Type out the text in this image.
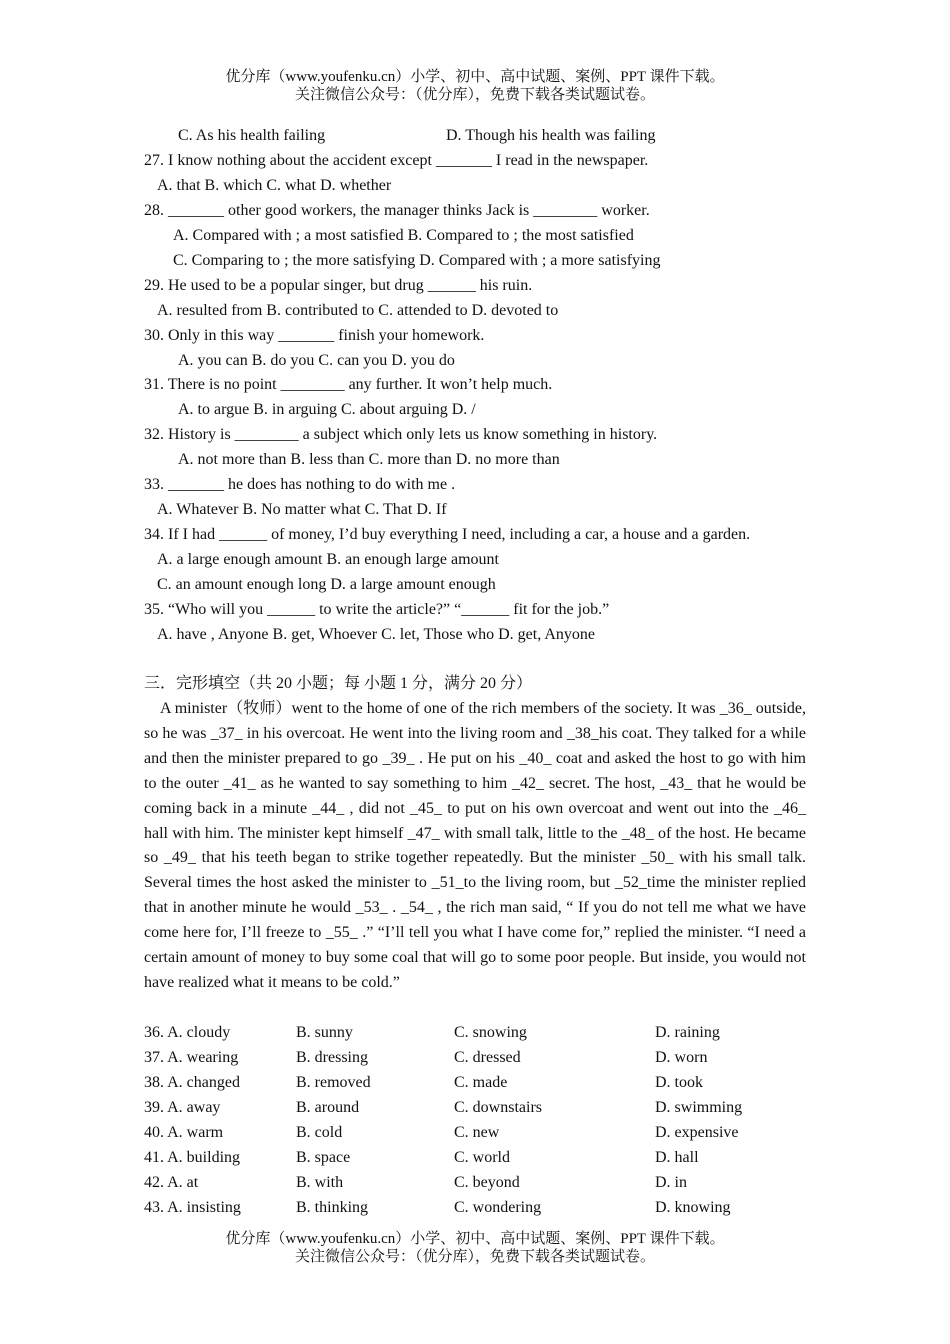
优分库（www.youfenku.cn）小学、初中、高中试题、案例、PPT 课件下载。
关注微信公众号：（优分库），免费下载各类试题试卷。
C. As his health failing	D. Though his health was failing
27. I know nothing about the accident except _______ I read in the newspaper.
A. that B. which C. what D. whether
28. _______ other good workers, the manager thinks Jack is ________ worker.
A. Compared with ; a most satisfied B. Compared to ; the most satisfied
C. Comparing to ; the more satisfying D. Compared with ; a more satisfying
29. He used to be a popular singer, but drug ______ his ruin.
A. resulted from B. contributed to C. attended to D. devoted to
30. Only in this way _______ finish your homework.
A. you can B. do you C. can you D. you do
31. There is no point ________ any further. It won’t help much.
A. to argue B. in arguing C. about arguing D. /
32. History is ________ a subject which only lets us know something in history.
A. not more than B. less than C. more than D. no more than
33. _______ he does has nothing to do with me .
A. Whatever B. No matter what C. That D. If
34. If I had ______ of money, I’d buy everything I need, including a car, a house and a garden.
A. a large enough amount B. an enough large amount
C. an amount enough long D. a large amount enough
35. “Who will you ______ to write the article?” “______ fit for the job.”
A. have , Anyone B. get, Whoever C. let, Those who D. get, Anyone
三．完形填空（共 20 小题；每 小题 1 分，满分 20 分）
A minister（牧师）went to the home of one of the rich members of the society. It was _36_ outside, so he was _37_ in his overcoat. He went into the living room and _38_his coat. They talked for a while and then the minister prepared to go _39_ . He put on his _40_ coat and asked the host to go with him to the outer _41_ as he wanted to say something to him _42_ secret. The host, _43_ that he would be coming back in a minute _44_ , did not _45_ to put on his own overcoat and went out into the _46_ hall with him. The minister kept himself _47_ with small talk, little to the _48_ of the host. He became so _49_ that his teeth began to strike together repeatedly. But the minister _50_ with his small talk. Several times the host asked the minister to _51_to the living room, but _52_time the minister replied that in another minute he would _53_ . _54_ , the rich man said, “ If you do not tell me what we have come here for, I’ll freeze to _55_ .” “I’ll tell you what I have come for,” replied the minister. “I need a certain amount of money to buy some coal that will go to some poor people. But inside, you would not have realized what it means to be cold.”
36. A. cloudy	B. sunny	C. snowing	D. raining
37. A. wearing	B. dressing	C. dressed	D. worn
38. A. changed	B. removed	C. made	D. took
39. A. away	B. around	C. downstairs	D. swimming
40. A. warm	B. cold	C. new	D. expensive
41. A. building	B. space	C. world	D. hall
42. A. at	B. with	C. beyond	D. in
43. A. insisting	B. thinking	C. wondering	D. knowing
优分库（www.youfenku.cn）小学、初中、高中试题、案例、PPT 课件下载。
关注微信公众号：（优分库），免费下载各类试题试卷。
